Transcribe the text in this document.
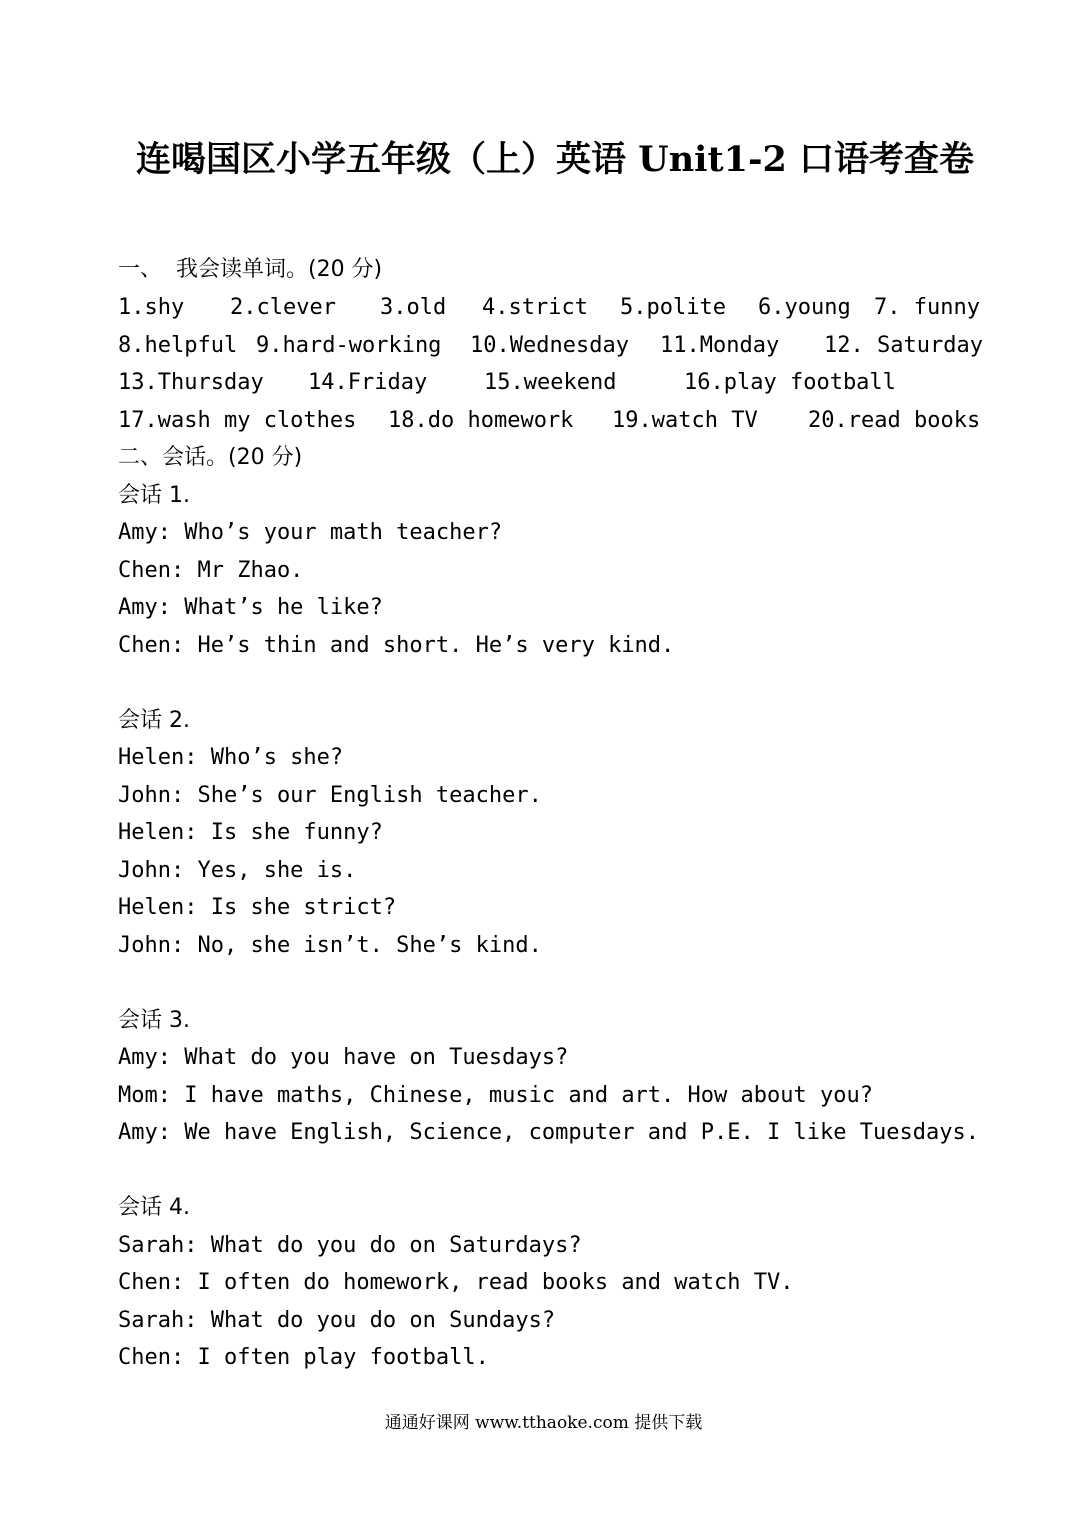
连喝国区小学五年级（上）英语 Unit1-2 口语考查卷
一、  我会读单词。(20 分)
1.shy 2.clever 3.old 4.strict 5.polite 6.young 7. funny
8.helpful 9.hard-working 10.Wednesday 11.Monday 12. Saturday
13.Thursday 14.Friday	15.weekend	16.play football
17.wash my clothes 18.do homework 19.watch TV 20.read books
二、会话。(20 分)
会话 1.
Amy: Who’s your math teacher?
Chen: Mr Zhao.
Amy: What’s he like?
Chen: He’s thin and short. He’s very kind.
会话 2.
Helen: Who’s she?
John: She’s our English teacher.
Helen: Is she funny?
John: Yes, she is.
Helen: Is she strict?
John: No, she isn’t. She’s kind.
会话 3.
Amy: What do you have on Tuesdays?
Mom: I have maths, Chinese, music and art. How about you?
Amy: We have English, Science, computer and P.E. I like Tuesdays.
会话 4.
Sarah: What do you do on Saturdays?
Chen: I often do homework, read books and watch TV.
Sarah: What do you do on Sundays?
Chen: I often play football.
通通好课网 www.tthaoke.com 提供下载
